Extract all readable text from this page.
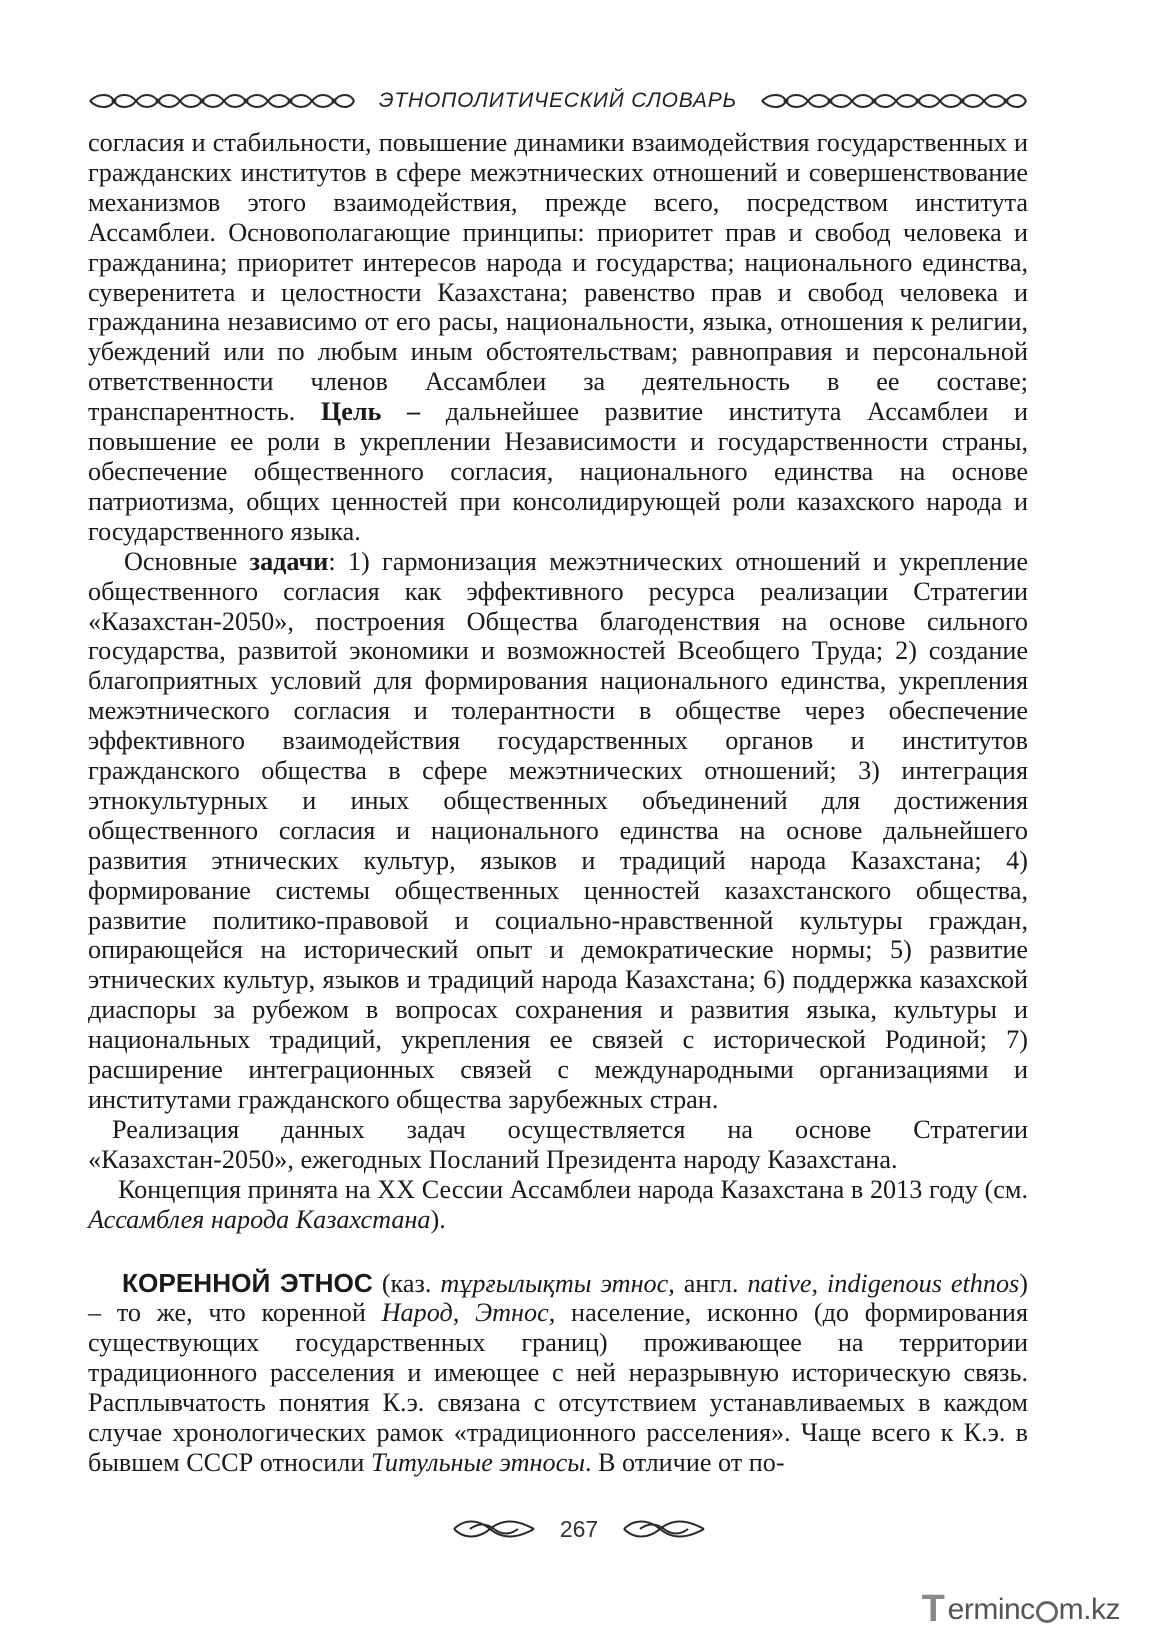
ЭТНОПОЛИТИЧЕСКИЙ СЛОВАРЬ

согласия и стабильности, повышение динамики взаимодействия государственных и гражданских институтов в сфере межэтнических отношений и совершенствование механизмов этого взаимодействия, прежде всего, посредством института Ассамблеи. Основополагающие принципы: приоритет прав и свобод человека и гражданина; приоритет интересов народа и государства; национального единства, суверенитета и целостности Казахстана; равенство прав и свобод человека и гражданина независимо от его расы, национальности, языка, отношения к религии, убеждений или по любым иным обстоятельствам; равноправия и персональной ответственности членов Ассамблеи за деятельность в ее составе; транспарентность. Цель – дальнейшее развитие института Ассамблеи и повышение ее роли в укреплении Независимости и государственности страны, обеспечение общественного согласия, национального единства на основе патриотизма, общих ценностей при консолидирующей роли казахского народа и государственного языка.

Основные задачи: 1) гармонизация межэтнических отношений и укрепление общественного согласия как эффективного ресурса реализации Стратегии «Казахстан-2050», построения Общества благоденствия на основе сильного государства, развитой экономики и возможностей Всеобщего Труда; 2) создание благоприятных условий для формирования национального единства, укрепления межэтнического согласия и толерантности в обществе через обеспечение эффективного взаимодействия государственных органов и институтов гражданского общества в сфере межэтнических отношений; 3) интеграция этнокультурных и иных общественных объединений для достижения общественного согласия и национального единства на основе дальнейшего развития этнических культур, языков и традиций народа Казахстана; 4) формирование системы общественных ценностей казахстанского общества, развитие политико-правовой и социально-нравственной культуры граждан, опирающейся на исторический опыт и демократические нормы; 5) развитие этнических культур, языков и традиций народа Казахстана; 6) поддержка казахской диаспоры за рубежом в вопросах сохранения и развития языка, культуры и национальных традиций, укрепления ее связей с исторической Родиной; 7) расширение интеграционных связей с международными организациями и институтами гражданского общества зарубежных стран.

Реализация данных задач осуществляется на основе Стратегии «Казахстан-2050», ежегодных Посланий Президента народу Казахстана.

Концепция принята на XX Сессии Ассамблеи народа Казахстана в 2013 году (см. Ассамблея народа Казахстана).

КОРЕННОЙ ЭТНОС (каз. тұрғылықты этнос, англ. native, indigenous ethnos) – то же, что коренной Народ, Этнос, население, исконно (до формирования существующих государственных границ) проживающее на территории традиционного расселения и имеющее с ней неразрывную историческую связь. Расплывчатость понятия К.э. связана с отсутствием устанавливаемых в каждом случае хронологических рамок «традиционного расселения». Чаще всего к К.э. в бывшем СССР относили Титульные этносы. В отличие от по-

267
T erminc m.kz
